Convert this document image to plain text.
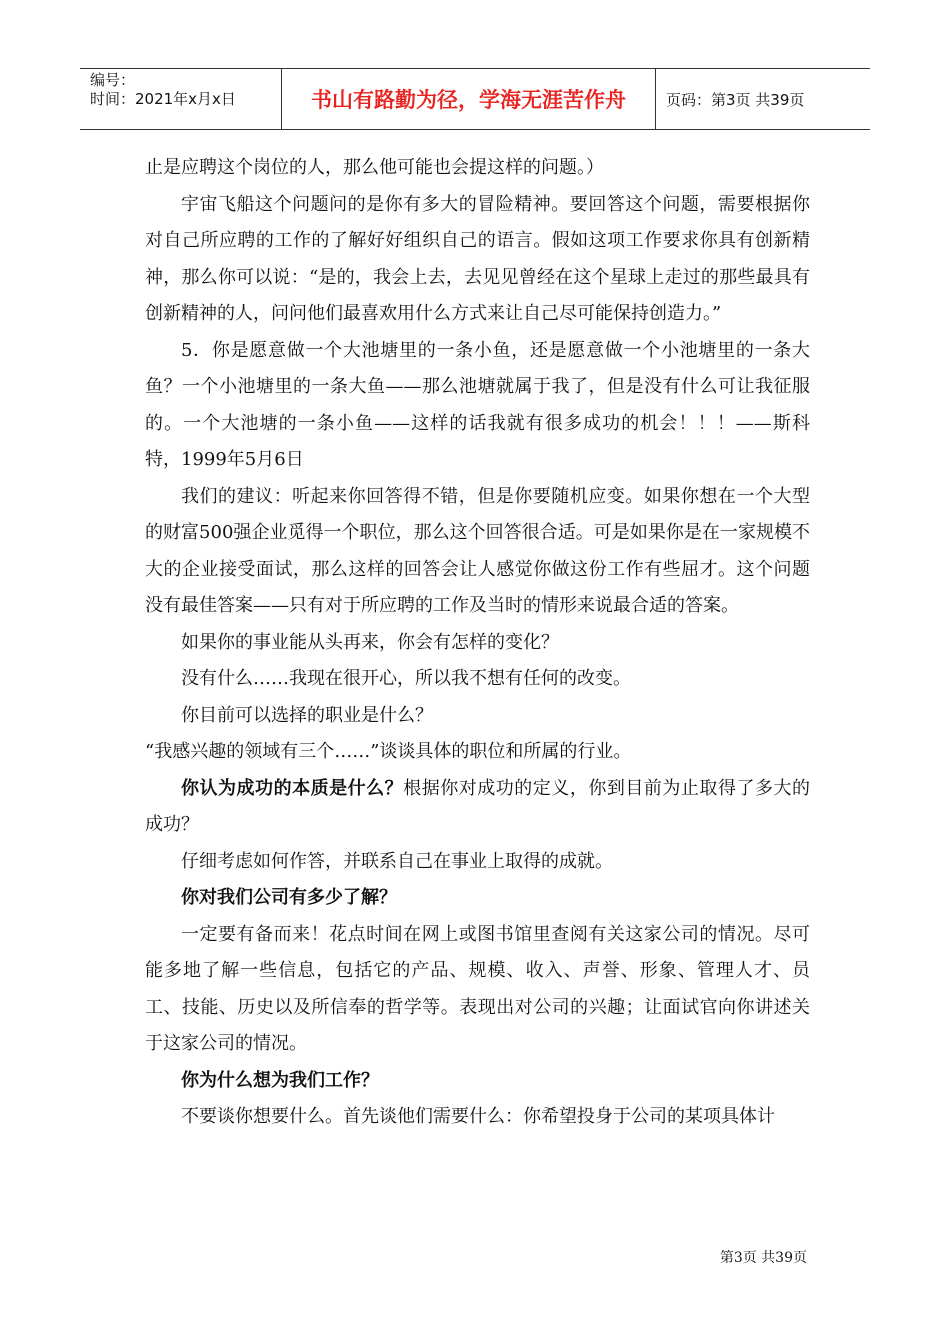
编号：
时间：2021年x月x日	书山有路勤为径，学海无涯苦作舟	页码：第3页 共39页

止是应聘这个岗位的人，那么他可能也会提这样的问题。）

宇宙飞船这个问题问的是你有多大的冒险精神。要回答这个问题，需要根据你对自己所应聘的工作的了解好好组织自己的语言。假如这项工作要求你具有创新精神，那么你可以说：“是的，我会上去，去见见曾经在这个星球上走过的那些最具有创新精神的人，问问他们最喜欢用什么方式来让自己尽可能保持创造力。”

5．你是愿意做一个大池塘里的一条小鱼，还是愿意做一个小池塘里的一条大鱼？一个小池塘里的一条大鱼——那么池塘就属于我了，但是没有什么可让我征服的。一个大池塘的一条小鱼——这样的话我就有很多成功的机会！！！——斯科特，1999年5月6日

我们的建议：听起来你回答得不错，但是你要随机应变。如果你想在一个大型的财富500强企业觅得一个职位，那么这个回答很合适。可是如果你是在一家规模不大的企业接受面试，那么这样的回答会让人感觉你做这份工作有些屈才。这个问题没有最佳答案——只有对于所应聘的工作及当时的情形来说最合适的答案。

如果你的事业能从头再来，你会有怎样的变化？

没有什么……我现在很开心，所以我不想有任何的改变。

你目前可以选择的职业是什么？

“我感兴趣的领域有三个……”谈谈具体的职位和所属的行业。

你认为成功的本质是什么？根据你对成功的定义，你到目前为止取得了多大的成功？

仔细考虑如何作答，并联系自己在事业上取得的成就。

你对我们公司有多少了解？

一定要有备而来！花点时间在网上或图书馆里查阅有关这家公司的情况。尽可能多地了解一些信息，包括它的产品、规模、收入、声誉、形象、管理人才、员工、技能、历史以及所信奉的哲学等。表现出对公司的兴趣；让面试官向你讲述关于这家公司的情况。

你为什么想为我们工作？

不要谈你想要什么。首先谈他们需要什么：你希望投身于公司的某项具体计

第3页 共39页
